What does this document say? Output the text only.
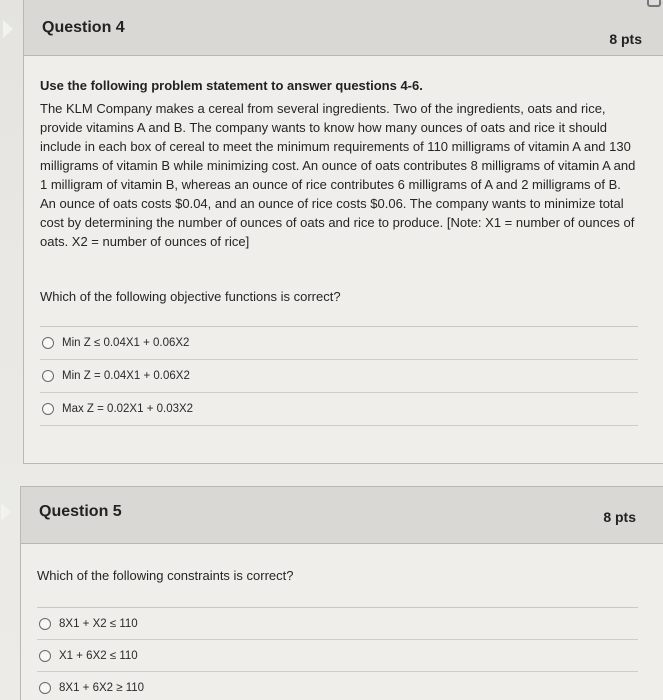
Question 4
8 pts

Use the following problem statement to answer questions 4-6.

The KLM Company makes a cereal from several ingredients. Two of the ingredients, oats and rice, provide vitamins A and B. The company wants to know how many ounces of oats and rice it should include in each box of cereal to meet the minimum requirements of 110 milligrams of vitamin A and 130 milligrams of vitamin B while minimizing cost. An ounce of oats contributes 8 milligrams of vitamin A and 1 milligram of vitamin B, whereas an ounce of rice contributes 6 milligrams of A and 2 milligrams of B. An ounce of oats costs $0.04, and an ounce of rice costs $0.06. The company wants to minimize total cost by determining the number of ounces of oats and rice to produce. [Note: X1 = number of ounces of oats. X2 = number of ounces of rice]

Which of the following objective functions is correct?

Min Z ≤ 0.04X1 + 0.06X2
Min Z = 0.04X1 + 0.06X2
Max Z = 0.02X1 + 0.03X2
Question 5	8 pts

Which of the following constraints is correct?

8X1 + X2 ≤ 110
X1 + 6X2 ≤ 110
8X1 + 6X2 ≥ 110
